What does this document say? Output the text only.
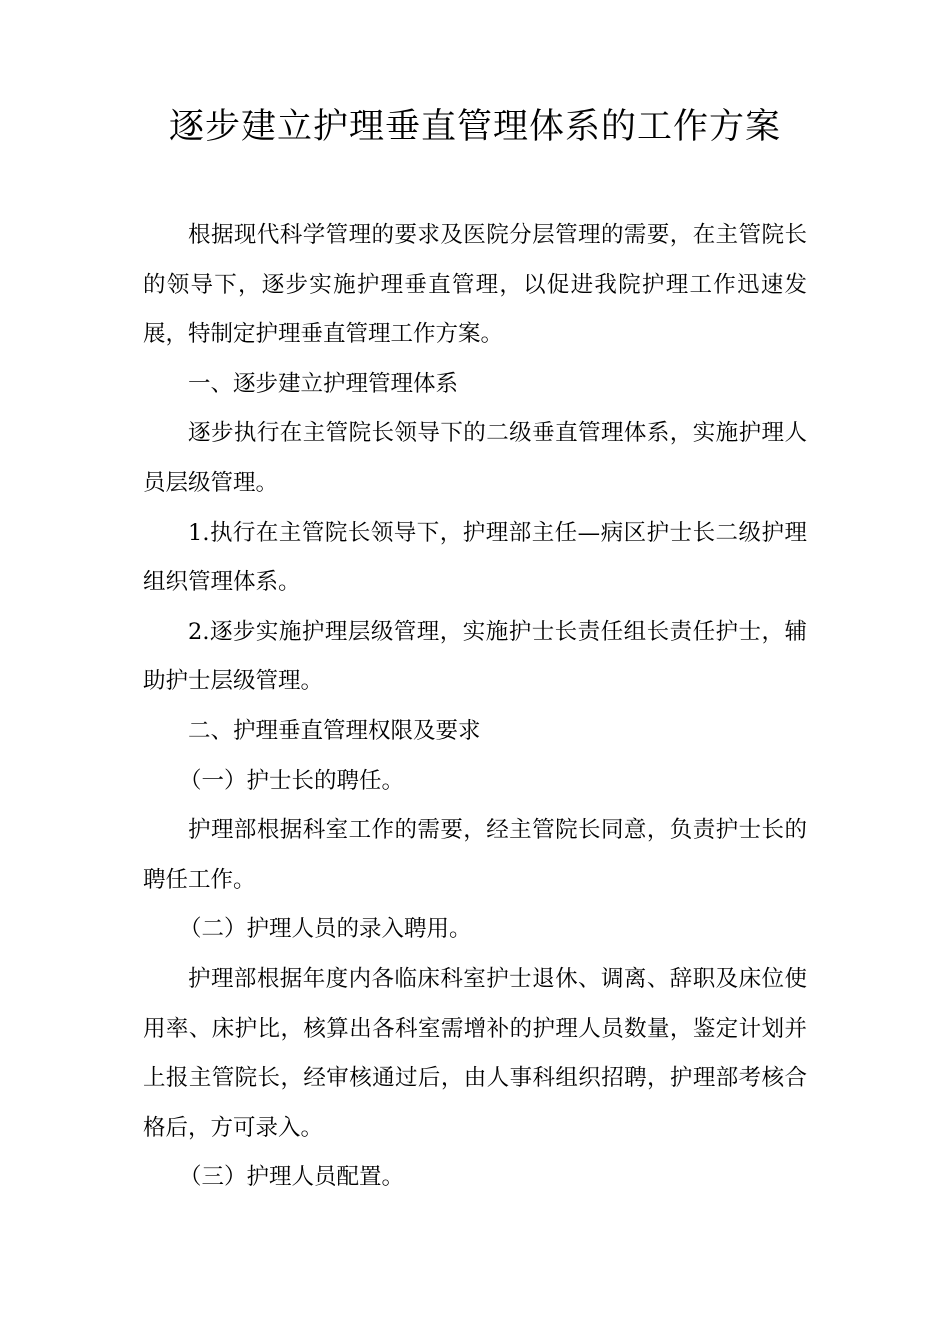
逐步建立护理垂直管理体系的工作方案

根据现代科学管理的要求及医院分层管理的需要，在主管院长的领导下，逐步实施护理垂直管理，以促进我院护理工作迅速发展，特制定护理垂直管理工作方案。

一、逐步建立护理管理体系

逐步执行在主管院长领导下的二级垂直管理体系，实施护理人员层级管理。

1.执行在主管院长领导下，护理部主任—病区护士长二级护理组织管理体系。

2.逐步实施护理层级管理，实施护士长责任组长责任护士，辅助护士层级管理。

二、护理垂直管理权限及要求

（一）护士长的聘任。

护理部根据科室工作的需要，经主管院长同意，负责护士长的聘任工作。

（二）护理人员的录入聘用。

护理部根据年度内各临床科室护士退休、调离、辞职及床位使用率、床护比，核算出各科室需增补的护理人员数量，鉴定计划并上报主管院长，经审核通过后，由人事科组织招聘，护理部考核合格后，方可录入。

（三）护理人员配置。
